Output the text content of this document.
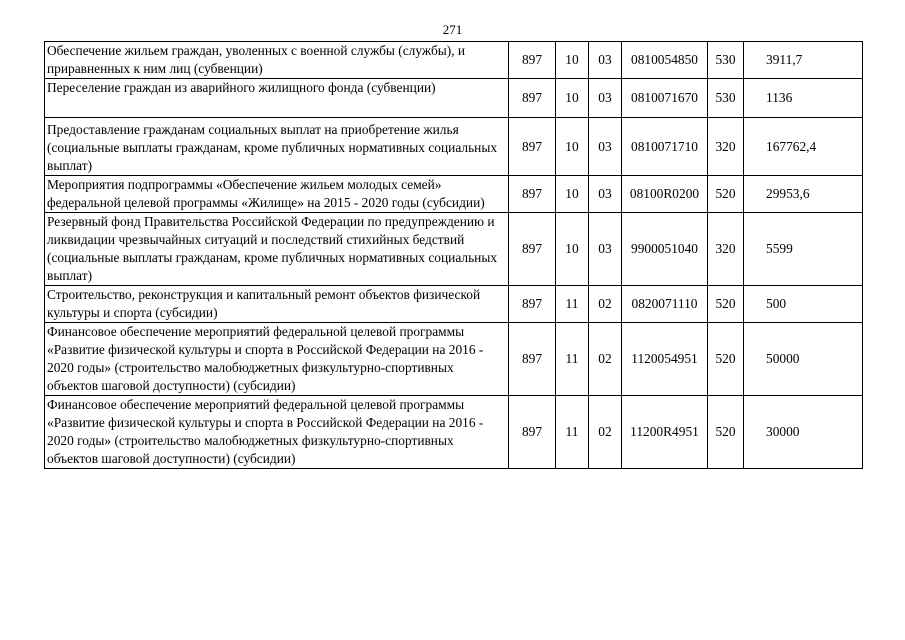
271
Обеспечение жильем граждан, уволенных с военной службы (службы), и приравненных к ним лиц (субвенции)	897	10	03	0810054850	530	3911,7
Переселение граждан из аварийного жилищного фонда (субвенции)	897	10	03	0810071670	530	1136
Предоставление гражданам социальных выплат на приобретение жилья (социальные выплаты гражданам, кроме публичных нормативных социальных выплат)	897	10	03	0810071710	320	167762,4
Мероприятия подпрограммы «Обеспечение жильем молодых семей» федеральной целевой программы «Жилище» на 2015 - 2020 годы (субсидии)	897	10	03	08100R0200	520	29953,6
Резервный фонд Правительства Российской Федерации по предупреждению и ликвидации чрезвычайных ситуаций и последствий стихийных бедствий (социальные выплаты гражданам, кроме публичных нормативных социальных выплат)	897	10	03	9900051040	320	5599
Строительство, реконструкция и капитальный ремонт объектов физической культуры и спорта (субсидии)	897	11	02	0820071110	520	500
Финансовое обеспечение мероприятий федеральной целевой программы «Развитие физической культуры и спорта в Российской Федерации на 2016 - 2020 годы» (строительство малобюджетных физкультурно-спортивных объектов шаговой доступности) (субсидии)	897	11	02	1120054951	520	50000
Финансовое обеспечение мероприятий федеральной целевой программы «Развитие физической культуры и спорта в Российской Федерации на 2016 - 2020 годы» (строительство малобюджетных физкультурно-спортивных объектов шаговой доступности) (субсидии)	897	11	02	11200R4951	520	30000
